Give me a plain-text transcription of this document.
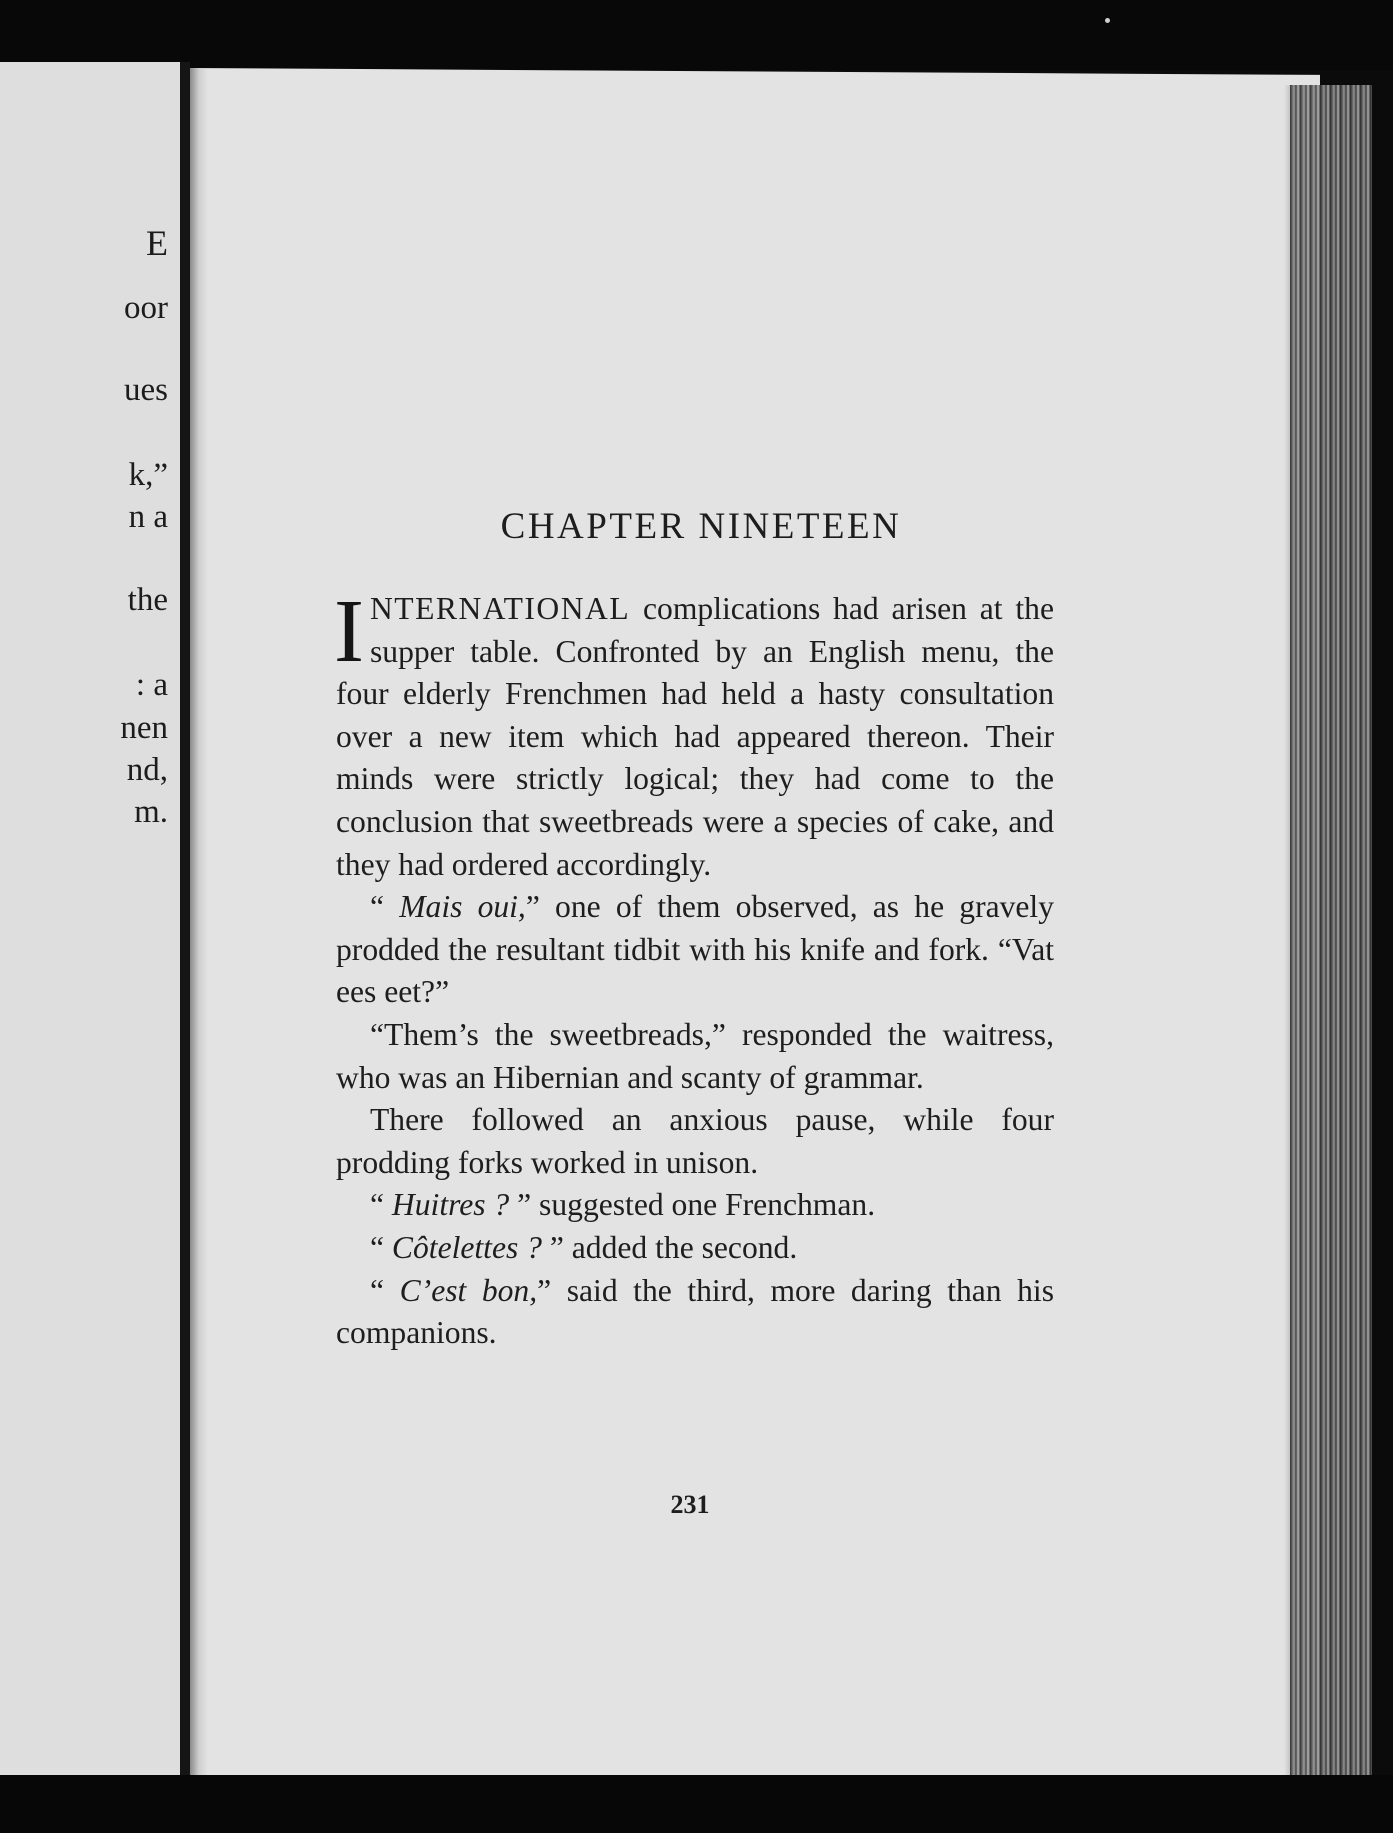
E
oor
ues
k,”
n a
the
: a
nen
nd,
m.
CHAPTER NINETEEN

INTERNATIONAL complications had arisen at the supper table. Confronted by an English menu, the four elderly Frenchmen had held a hasty consultation over a new item which had appeared thereon. Their minds were strictly logical; they had come to the conclusion that sweetbreads were a species of cake, and they had ordered accordingly.

“ Mais oui,” one of them observed, as he gravely prodded the resultant tidbit with his knife and fork. “Vat ees eet?”

“Them’s the sweetbreads,” responded the waitress, who was an Hibernian and scanty of grammar.

There followed an anxious pause, while four prodding forks worked in unison.

“ Huitres ? ” suggested one Frenchman.

“ Côtelettes ? ” added the second.

“ C’est bon,” said the third, more daring than his companions.

231
